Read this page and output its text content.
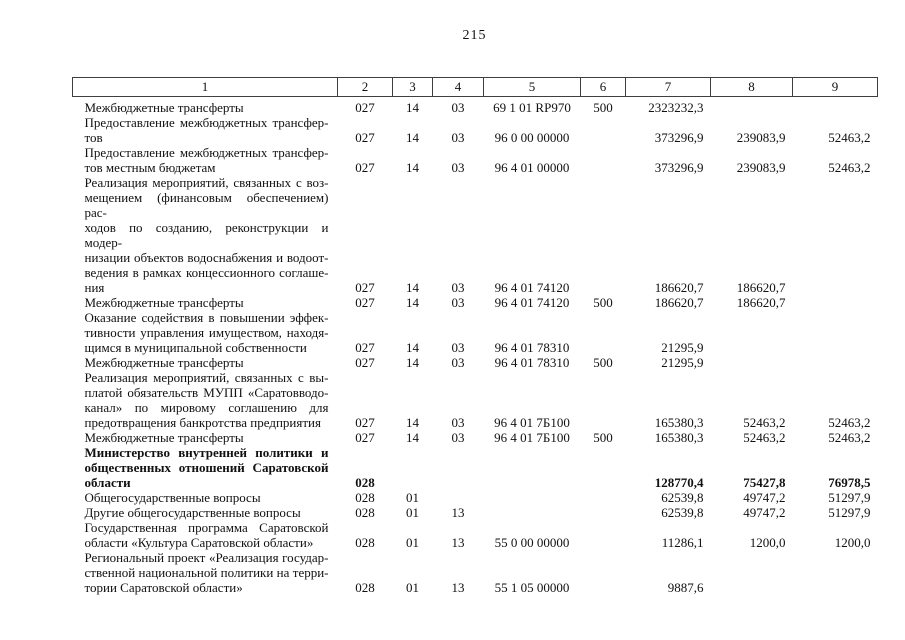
215
1	2	3	4	5	6	7	8	9

Межбюджетные трансферты	027	14	03	69 1 01 RP970	500	2323232,3		

Предоставление межбюджетных трансфер-
тов	027	14	03	96 0 00 00000		373296,9	239083,9	52463,2

Предоставление межбюджетных трансфер-
тов местным бюджетам	027	14	03	96 4 01 00000		373296,9	239083,9	52463,2

Реализация мероприятий, связанных с воз-
мещением (финансовым обеспечением) рас-
ходов по созданию, реконструкции и модер-
низации объектов водоснабжения и водоот-
ведения в рамках концессионного соглаше-
ния	027	14	03	96 4 01 74120		186620,7	186620,7	

Межбюджетные трансферты	027	14	03	96 4 01 74120	500	186620,7	186620,7	

Оказание содействия в повышении эффек-
тивности управления имуществом, находя-
щимся в муниципальной собственности	027	14	03	96 4 01 78310		21295,9		

Межбюджетные трансферты	027	14	03	96 4 01 78310	500	21295,9		

Реализация мероприятий, связанных с вы-
платой обязательств МУПП «Саратовводо-
канал» по мировому соглашению для
предотвращения банкротства предприятия	027	14	03	96 4 01 7Б100		165380,3	52463,2	52463,2

Межбюджетные трансферты	027	14	03	96 4 01 7Б100	500	165380,3	52463,2	52463,2

Министерство внутренней политики и
общественных отношений Саратовской
области	028					128770,4	75427,8	76978,5

Общегосударственные вопросы	028	01				62539,8	49747,2	51297,9

Другие общегосударственные вопросы	028	01	13			62539,8	49747,2	51297,9

Государственная программа Саратовской
области «Культура Саратовской области»	028	01	13	55 0 00 00000		11286,1	1200,0	1200,0

Региональный проект «Реализация государ-
ственной национальной политики на терри-
тории Саратовской области»	028	01	13	55 1 05 00000		9887,6		
